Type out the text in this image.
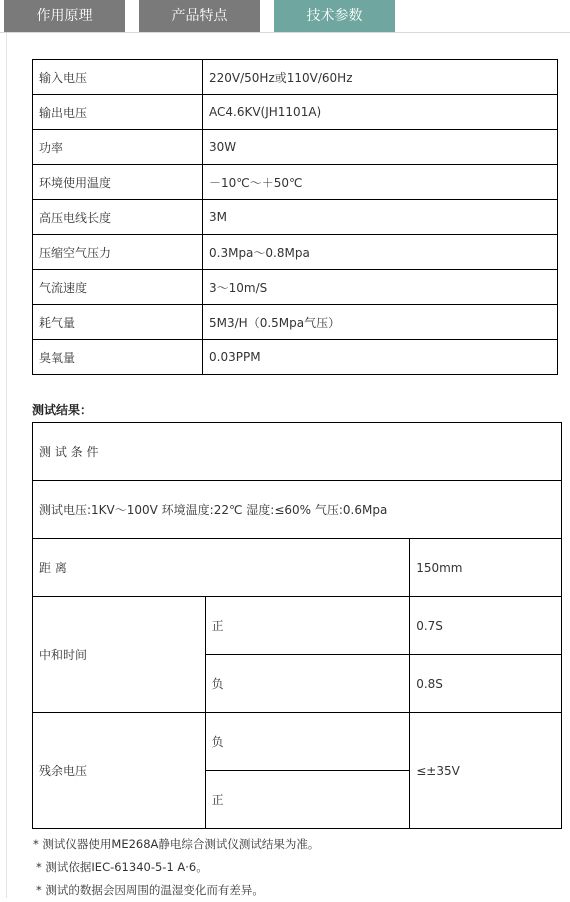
作用原理	产品特点	技术参数
输入电压	220V/50Hz或110V/60Hz
输出电压	AC4.6KV(JH1101A)
功率	30W
环境使用温度	－10℃～＋50℃
高压电线长度	3M
压缩空气压力	0.3Mpa～0.8Mpa
气流速度	3～10m/S
耗气量	5M3/H（0.5Mpa气压）
臭氧量	0.03PPM
测试结果：
测 试 条 件		
测试电压:1KV～100V 环境温度:22℃ 湿度:≤60% 气压:0.6Mpa		
距 离		150mm
中和时间	正	0.7S
	负	0.8S
残余电压	负	≤±35V
	正	
* 测试仪器使用ME268A静电综合测试仪测试结果为准。
* 测试依据IEC-61340-5-1 A·6。
* 测试的数据会因周围的温湿变化而有差异。
